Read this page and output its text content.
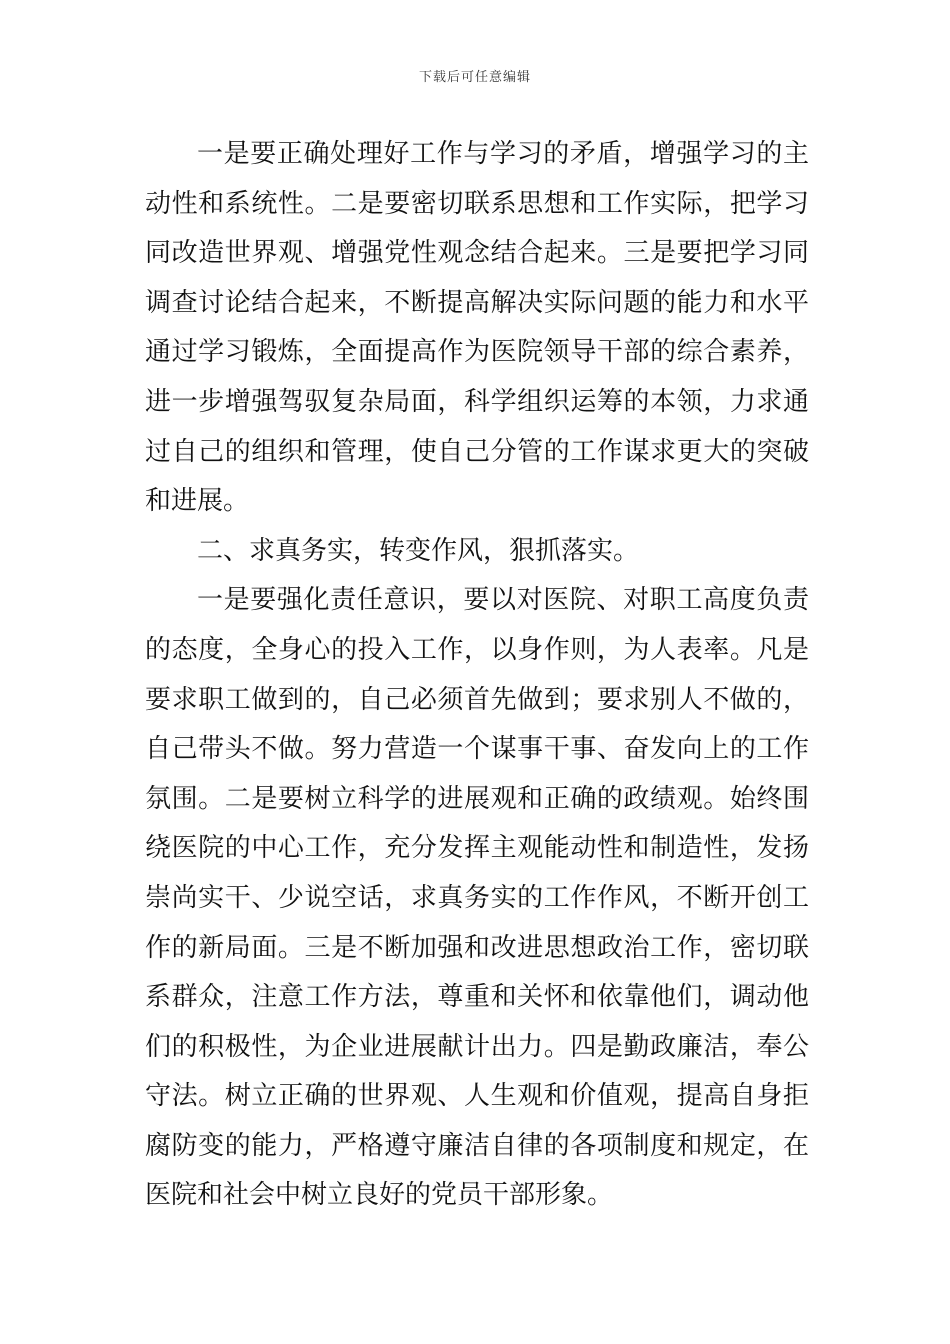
下载后可任意编辑

一是要正确处理好工作与学习的矛盾，增强学习的主动性和系统性。二是要密切联系思想和工作实际，把学习同改造世界观、增强党性观念结合起来。三是要把学习同调查讨论结合起来，不断提高解决实际问题的能力和水平通过学习锻炼，全面提高作为医院领导干部的综合素养，进一步增强驾驭复杂局面，科学组织运筹的本领，力求通过自己的组织和管理，使自己分管的工作谋求更大的突破和进展。

二、求真务实，转变作风，狠抓落实。

一是要强化责任意识，要以对医院、对职工高度负责的态度，全身心的投入工作，以身作则，为人表率。凡是要求职工做到的，自己必须首先做到；要求别人不做的，自己带头不做。努力营造一个谋事干事、奋发向上的工作氛围。二是要树立科学的进展观和正确的政绩观。始终围绕医院的中心工作，充分发挥主观能动性和制造性，发扬崇尚实干、少说空话，求真务实的工作作风，不断开创工作的新局面。三是不断加强和改进思想政治工作，密切联系群众，注意工作方法，尊重和关怀和依靠他们，调动他们的积极性，为企业进展献计出力。四是勤政廉洁，奉公守法。树立正确的世界观、人生观和价值观，提高自身拒腐防变的能力，严格遵守廉洁自律的各项制度和规定，在医院和社会中树立良好的党员干部形象。
